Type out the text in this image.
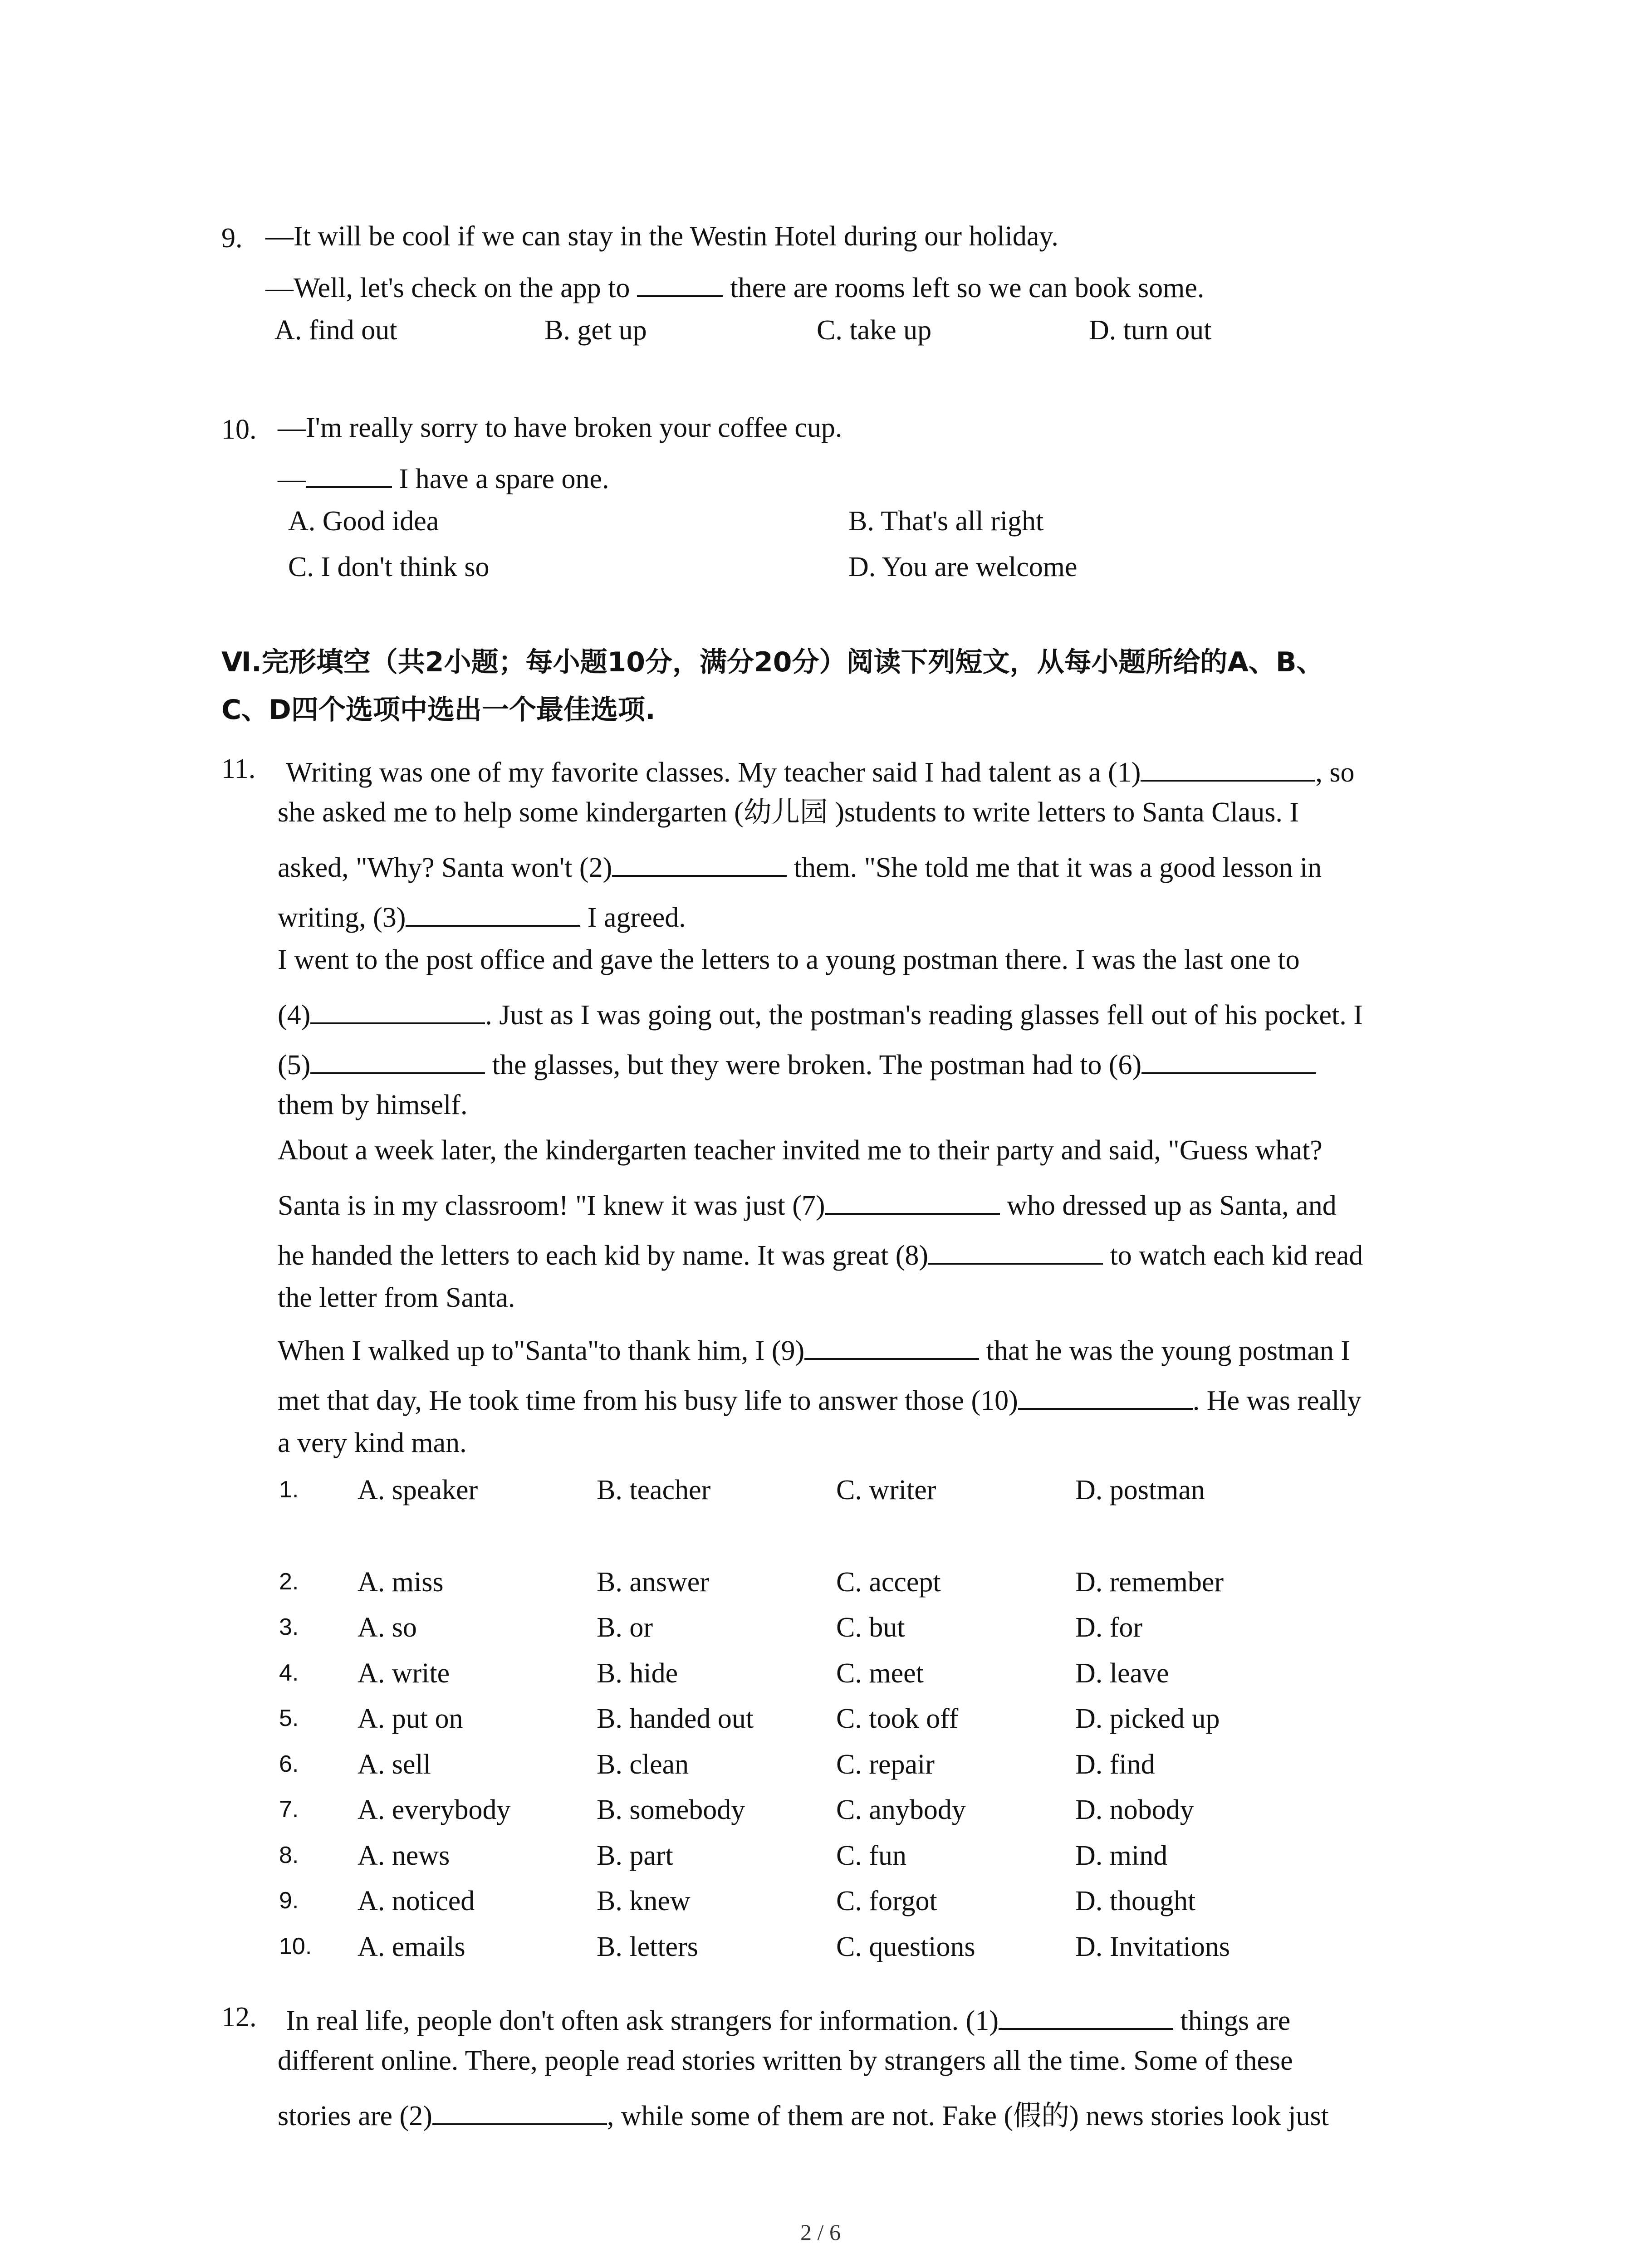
9. —It will be cool if we can stay in the Westin Hotel during our holiday.
—Well, let's check on the app to	there are rooms left so we can book some.
A. find out	B. get up	C. take up	D. turn out
10. —I'm really sorry to have broken your coffee cup.
—	I have a spare one.
A. Good idea	B. That's all right
C. I don't think so	D. You are welcome
Ⅵ.完形填空（共2小题；每小题10分，满分20分）阅读下列短文，从每小题所给的A、B、
C、D四个选项中选出一个最佳选项.
11. Writing was one of my favorite classes. My teacher said I had talent as a (1)	, so
she asked me to help some kindergarten (幼儿园 )students to write letters to Santa Claus. I
asked, "Why? Santa won't (2)	them. "She told me that it was a good lesson in
writing, (3)	I agreed.
I went to the post office and gave the letters to a young postman there. I was the last one to
(4)	. Just as I was going out, the postman's reading glasses fell out of his pocket. I
(5)	the glasses, but they were broken. The postman had to (6)
them by himself.
About a week later, the kindergarten teacher invited me to their party and said, "Guess what?
Santa is in my classroom! "I knew it was just (7)	who dressed up as Santa, and
he handed the letters to each kid by name. It was great (8)	to watch each kid read
the letter from Santa.
When I walked up to"Santa"to thank him, I (9)	that he was the young postman I
met that day, He took time from his busy life to answer those (10)	. He was really
a very kind man.
1. A. speaker	B. teacher	C. writer	D. postman
2. A. miss	B. answer	C. accept	D. remember
3. A. so	B. or	C. but	D. for
4. A. write	B. hide	C. meet	D. leave
5. A. put on	B. handed out	C. took off	D. picked up
6. A. sell	B. clean	C. repair	D. find
7. A. everybody	B. somebody	C. anybody	D. nobody
8. A. news	B. part	C. fun	D. mind
9. A. noticed	B. knew	C. forgot	D. thought
10. A. emails	B. letters	C. questions	D. Invitations
12. In real life, people don't often ask strangers for information. (1)	things are
different online. There, people read stories written by strangers all the time. Some of these
stories are (2)	, while some of them are not. Fake (假的) news stories look just
2 / 6
